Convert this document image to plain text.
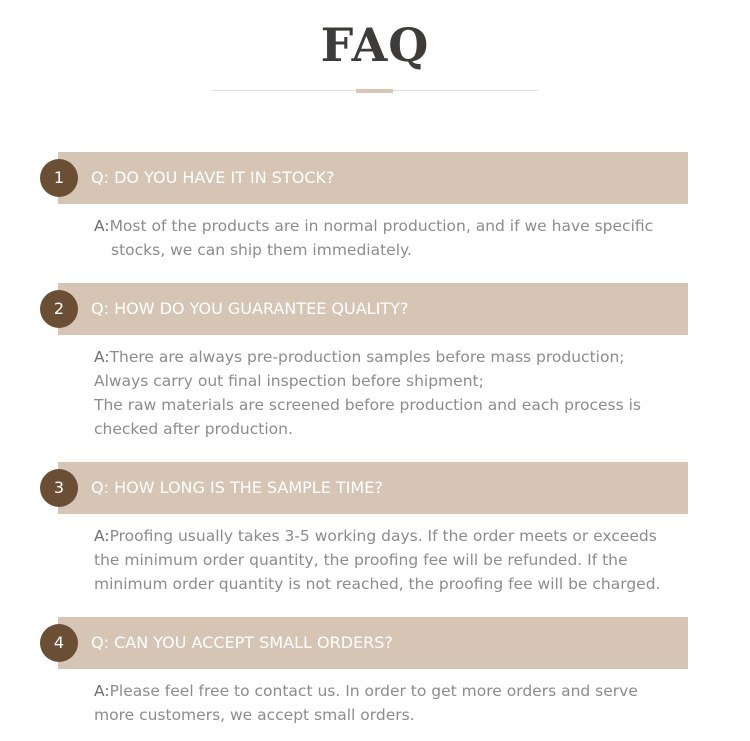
FAQ
1	Q: DO YOU HAVE IT IN STOCK?
A:Most of the products are in normal production, and if we have specific
stocks, we can ship them immediately.
2	Q: HOW DO YOU GUARANTEE QUALITY?
A:There are always pre-production samples before mass production;
Always carry out final inspection before shipment;
The raw materials are screened before production and each process is
checked after production.
3	Q: HOW LONG IS THE SAMPLE TIME?
A:Proofing usually takes 3-5 working days. If the order meets or exceeds
the minimum order quantity, the proofing fee will be refunded. If the
minimum order quantity is not reached, the proofing fee will be charged.
4	Q: CAN YOU ACCEPT SMALL ORDERS?
A:Please feel free to contact us. In order to get more orders and serve
more customers, we accept small orders.
